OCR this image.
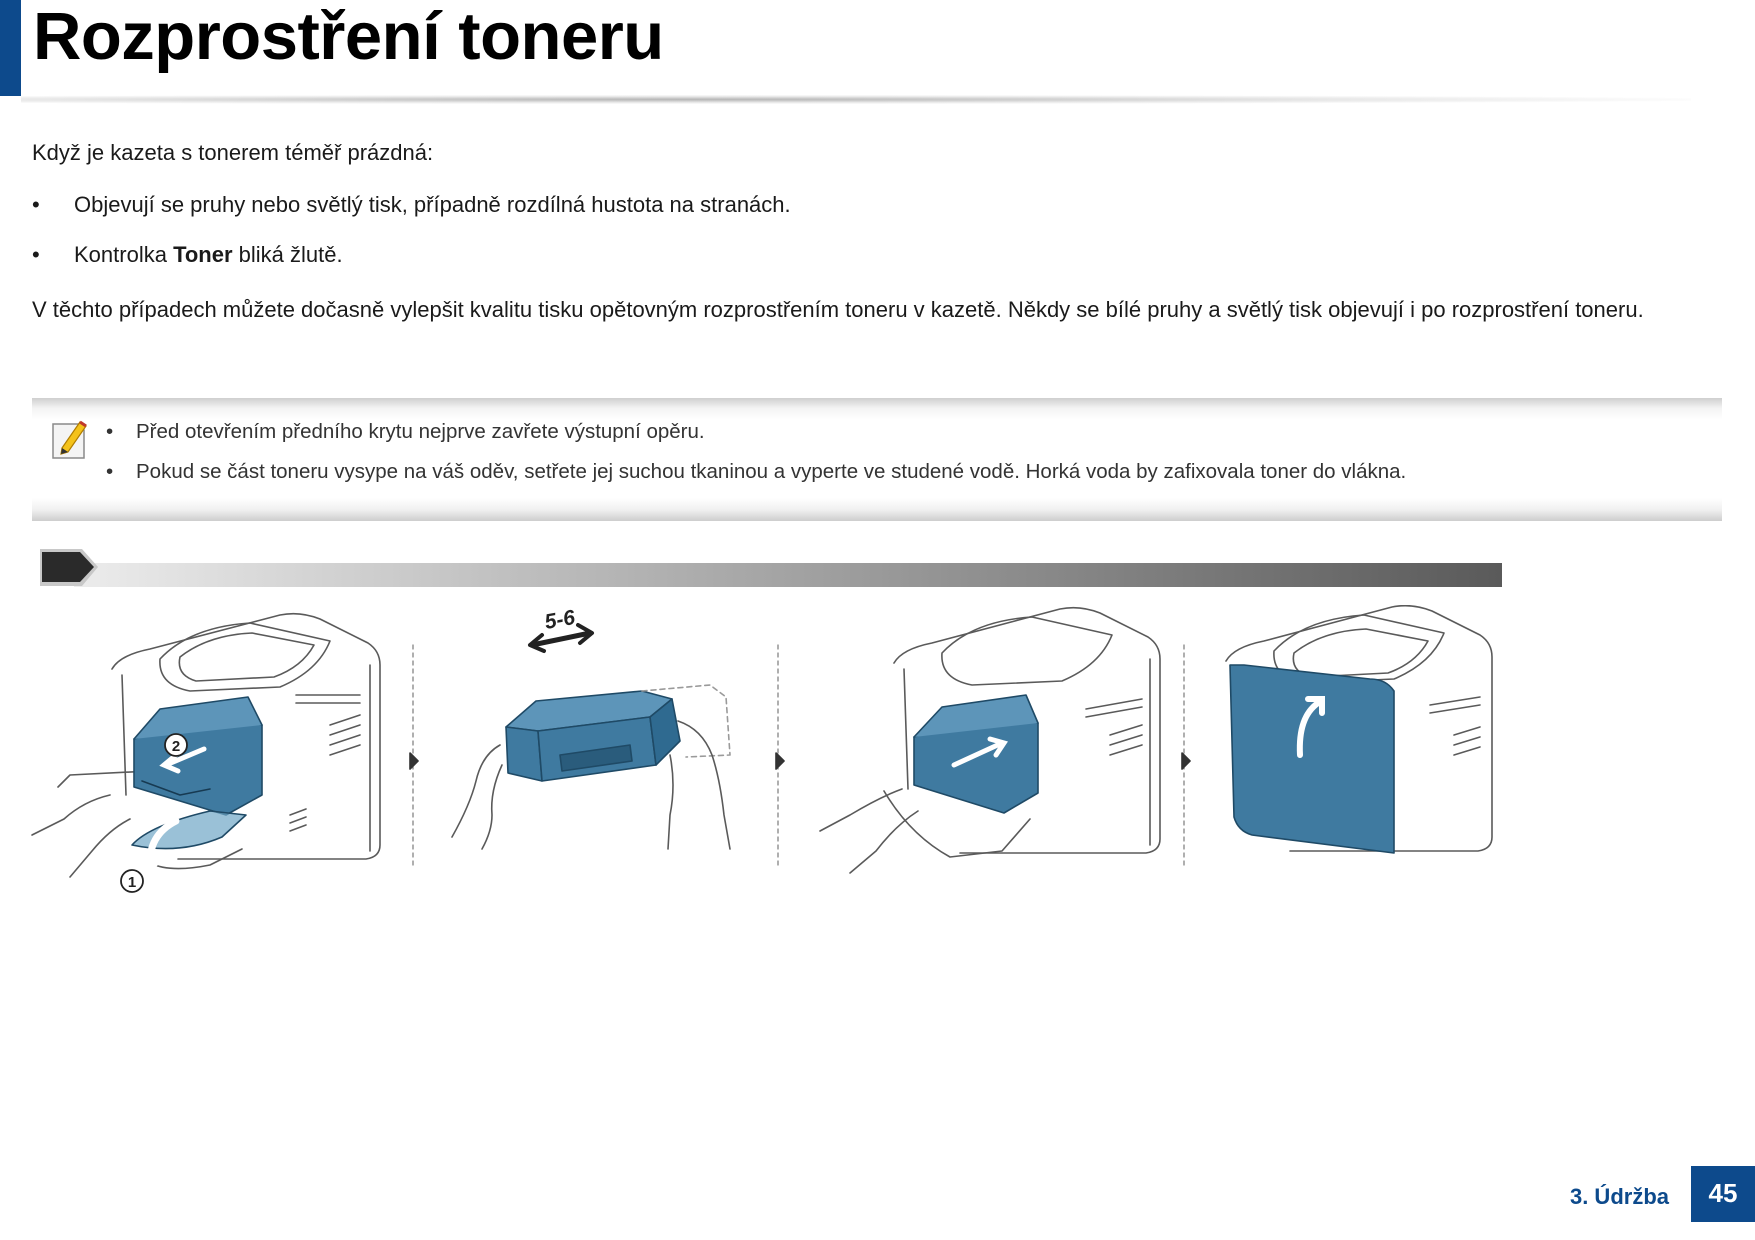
Rozprostření toneru

Když je kazeta s tonerem téměř prázdná:

• Objevují se pruhy nebo světlý tisk, případně rozdílná hustota na stranách.
• Kontrolka Toner bliká žlutě.

V těchto případech můžete dočasně vylepšit kvalitu tisku opětovným rozprostřením toneru v kazetě. Někdy se bílé pruhy a světlý tisk objevují i po rozprostření toneru.

• Před otevřením předního krytu nejprve zavřete výstupní opěru.
• Pokud se část toneru vysype na váš oděv, setřete jej suchou tkaninou a vyperte ve studené vodě. Horká voda by zafixovala toner do vlákna.
2
1
5-6
3. Údržba	45
